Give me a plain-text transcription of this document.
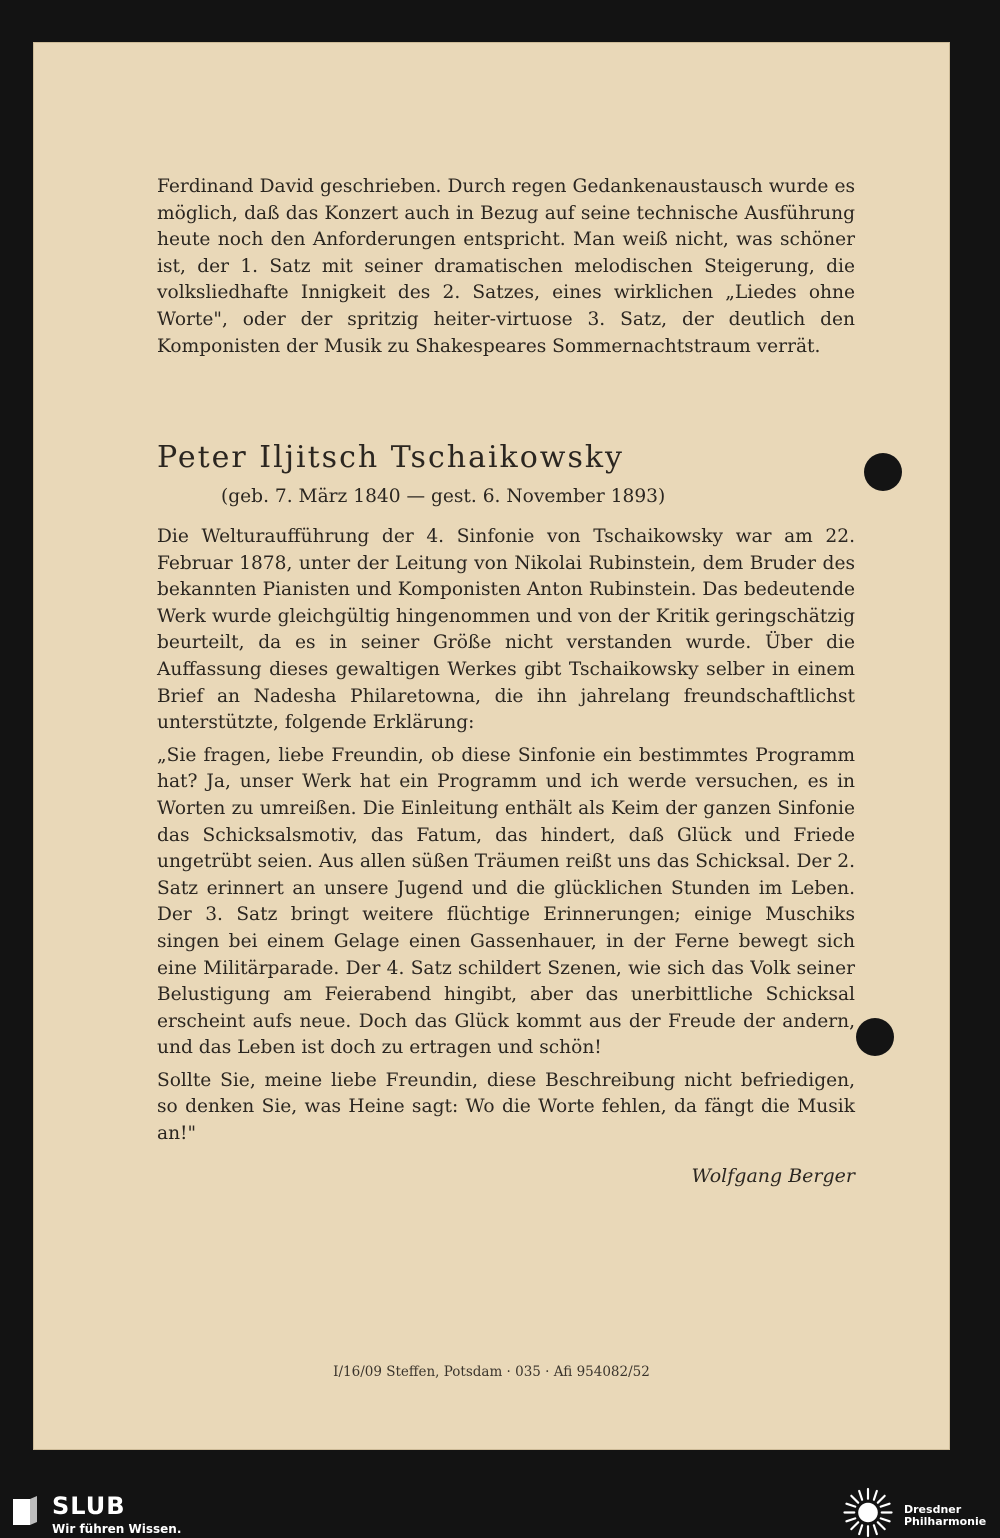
Ferdinand David geschrieben. Durch regen Gedankenaustausch wurde es möglich, daß das Konzert auch in Bezug auf seine technische Ausführung heute noch den Anforderungen entspricht. Man weiß nicht, was schöner ist, der 1. Satz mit seiner dramatischen melodischen Steigerung, die volksliedhafte Innigkeit des 2. Satzes, eines wirklichen „Liedes ohne Worte", oder der spritzig heiter-virtuose 3. Satz, der deutlich den Komponisten der Musik zu Shakespeares Sommernachtstraum verrät.

Peter Iljitsch Tschaikowsky
(geb. 7. März 1840 — gest. 6. November 1893)

Die Welturaufführung der 4. Sinfonie von Tschaikowsky war am 22. Februar 1878, unter der Leitung von Nikolai Rubinstein, dem Bruder des bekannten Pianisten und Komponisten Anton Rubinstein. Das bedeutende Werk wurde gleichgültig hingenommen und von der Kritik geringschätzig beurteilt, da es in seiner Größe nicht verstanden wurde. Über die Auffassung dieses gewaltigen Werkes gibt Tschaikowsky selber in einem Brief an Nadesha Philaretowna, die ihn jahrelang freundschaftlichst unterstützte, folgende Erklärung:

„Sie fragen, liebe Freundin, ob diese Sinfonie ein bestimmtes Programm hat? Ja, unser Werk hat ein Programm und ich werde versuchen, es in Worten zu umreißen. Die Einleitung enthält als Keim der ganzen Sinfonie das Schicksalsmotiv, das Fatum, das hindert, daß Glück und Friede ungetrübt seien. Aus allen süßen Träumen reißt uns das Schicksal. Der 2. Satz erinnert an unsere Jugend und die glücklichen Stunden im Leben. Der 3. Satz bringt weitere flüchtige Erinnerungen; einige Muschiks singen bei einem Gelage einen Gassenhauer, in der Ferne bewegt sich eine Militärparade. Der 4. Satz schildert Szenen, wie sich das Volk seiner Belustigung am Feierabend hingibt, aber das unerbittliche Schicksal erscheint aufs neue. Doch das Glück kommt aus der Freude der andern, und das Leben ist doch zu ertragen und schön!

Sollte Sie, meine liebe Freundin, diese Beschreibung nicht befriedigen, so denken Sie, was Heine sagt: Wo die Worte fehlen, da fängt die Musik an!"

Wolfgang Berger
I/16/09 Steffen, Potsdam · 035 · Afi 954082/52
SLUB
Wir führen Wissen.
Dresdner
Philharmonie
